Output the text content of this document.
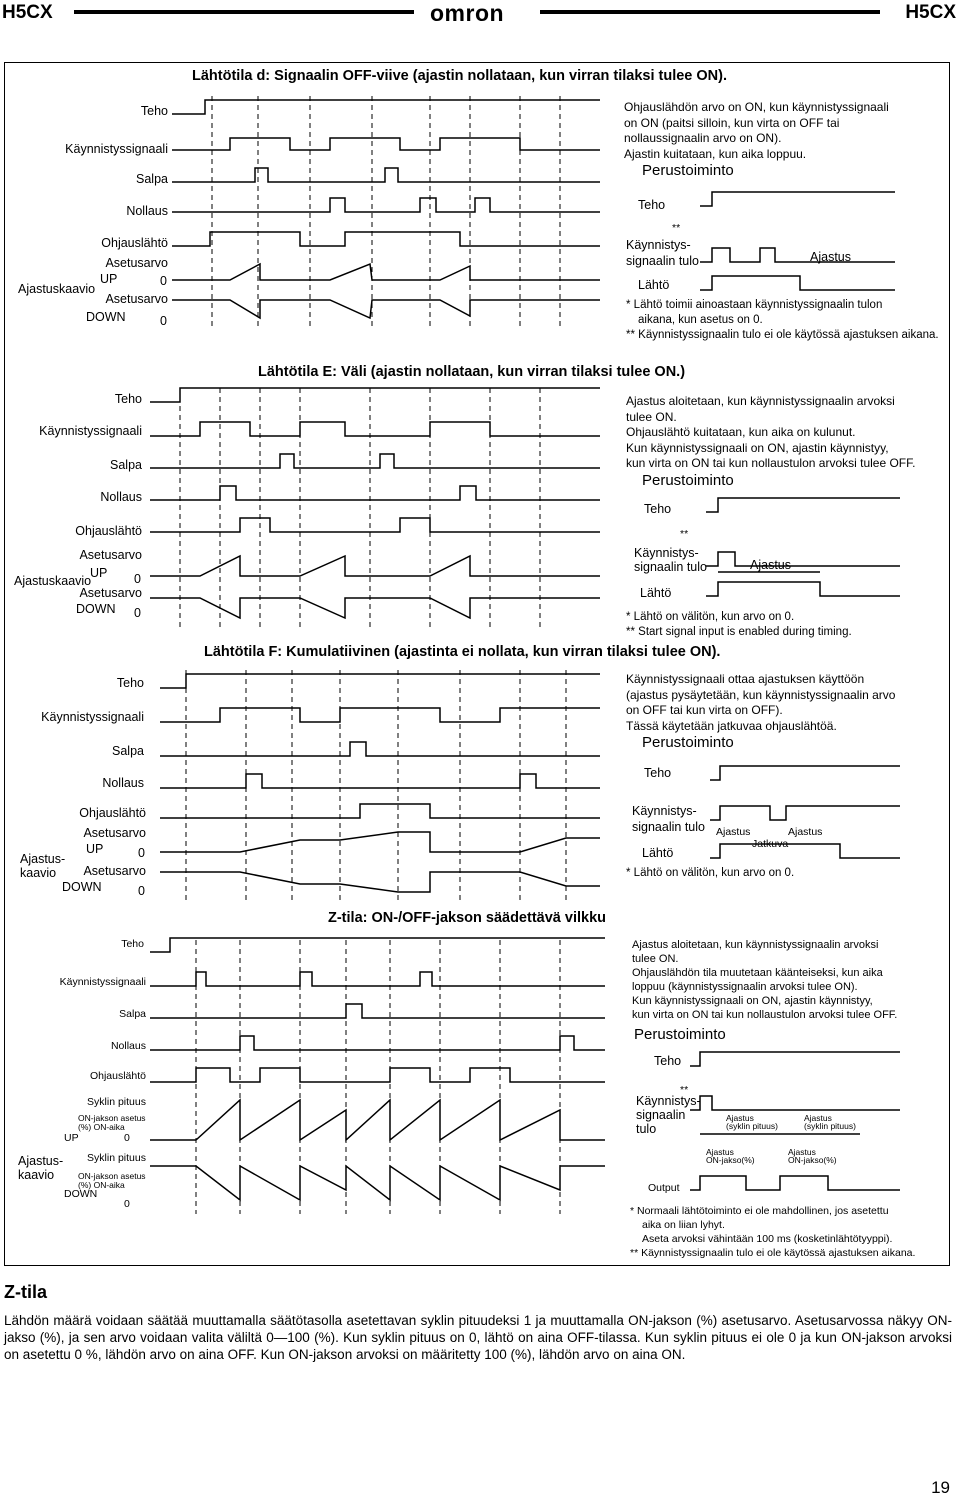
H5CX	omron	H5CX
Lähtötila d: Signaalin OFF-viive (ajastin nollataan, kun virran tilaksi tulee ON).
Teho
Käynnistyssignaali
Salpa
Nollaus
Ohjauslähtö
Asetusarvo
UP	0
Ajastuskaavio
Asetusarvo
DOWN	0

Ohjauslähdön arvo on ON, kun käynnistyssignaali

on ON (paitsi silloin, kun virta on OFF tai

nollaussignaalin arvo on ON).

Ajastin kuitataan, kun aika loppuu.

Perustoiminto
Teho
**
Käynnistys-
signaalin tulo	Ajastus
Lähtö
* Lähtö toimii ainoastaan käynnistyssignaalin tulon
aikana, kun asetus on 0.
** Käynnistyssignaalin tulo ei ole käytössä ajastuksen aikana.
Lähtötila E: Väli (ajastin nollataan, kun virran tilaksi tulee ON.)
Teho
Käynnistyssignaali
Salpa
Nollaus
Ohjauslähtö
Asetusarvo
UP 0
Ajastuskaavio
Asetusarvo
DOWN 0

Ajastus aloitetaan, kun käynnistyssignaalin arvoksi

tulee ON.

Ohjauslähtö kuitataan, kun aika on kulunut.

Kun käynnistyssignaali on ON, ajastin käynnistyy,

kun virta on ON tai kun nollaustulon arvoksi tulee OFF.

Perustoiminto
Teho
**
Käynnistys-
signaalin tulo	Ajastus
Lähtö
* Lähtö on välitön, kun arvo on 0.
** Start signal input is enabled during timing.
Lähtötila F: Kumulatiivinen (ajastinta ei nollata, kun virran tilaksi tulee ON).
Teho
Käynnistyssignaali
Salpa
Nollaus
Ohjauslähtö
Asetusarvo
UP	0
Ajastus-
kaavio	Asetusarvo
DOWN	0

Käynnistyssignaali ottaa ajastuksen käyttöön

(ajastus pysäytetään, kun käynnistyssignaalin arvo

on OFF tai kun virta on OFF).

Tässä käytetään jatkuvaa ohjauslähtöä.

Perustoiminto
Teho
Käynnistys-
signaalin tulo Ajastus	Ajastus
Jatkuva
Lähtö
* Lähtö on välitön, kun arvo on 0.
Z-tila: ON-/OFF-jakson säädettävä vilkku
Teho
Käynnistyssignaali
Salpa
Nollaus
Ohjauslähtö
Syklin pituus
ON-jakson asetus
(%) ON-aika
UP	0
Ajastus-
kaavio
Syklin pituus
ON-jakson asetus
(%) ON-aika
DOWN
0

Ajastus aloitetaan, kun käynnistyssignaalin arvoksi

tulee ON.

Ohjauslähdön tila muutetaan käänteiseksi, kun aika

loppuu (käynnistyssignaalin arvoksi tulee ON).

Kun käynnistyssignaali on ON, ajastin käynnistyy,

kun virta on ON tai kun nollaustulon arvoksi tulee OFF.

Perustoiminto
Teho
**
Käynnistys-
signaalin
tulo
Ajastus
(syklin pituus)
Ajastus
(syklin pituus)
Ajastus
ON-jakso(%)
Ajastus
ON-jakso(%)
Output
* Normaali lähtötoiminto ei ole mahdollinen, jos asetettu
aika on liian lyhyt.
Aseta arvoksi vähintään 100 ms (kosketinlähtötyyppi).
** Käynnistyssignaalin tulo ei ole käytössä ajastuksen aikana.
Z-tila
Lähdön määrä voidaan säätää muuttamalla säätötasolla asetettavan syklin pituudeksi 1 ja muuttamalla ON-jakson (%) asetusarvo. Asetusarvossa näkyy ON-jakso (%), ja sen arvo voidaan valita väliltä 0—100 (%). Kun syklin pituus on 0, lähtö on aina OFF-tilassa. Kun syklin pituus ei ole 0 ja kun ON-jakson arvoksi on asetettu 0 %, lähdön arvo on aina OFF. Kun ON-jakson arvoksi on määritetty 100 (%), lähdön arvo on aina ON.
19
